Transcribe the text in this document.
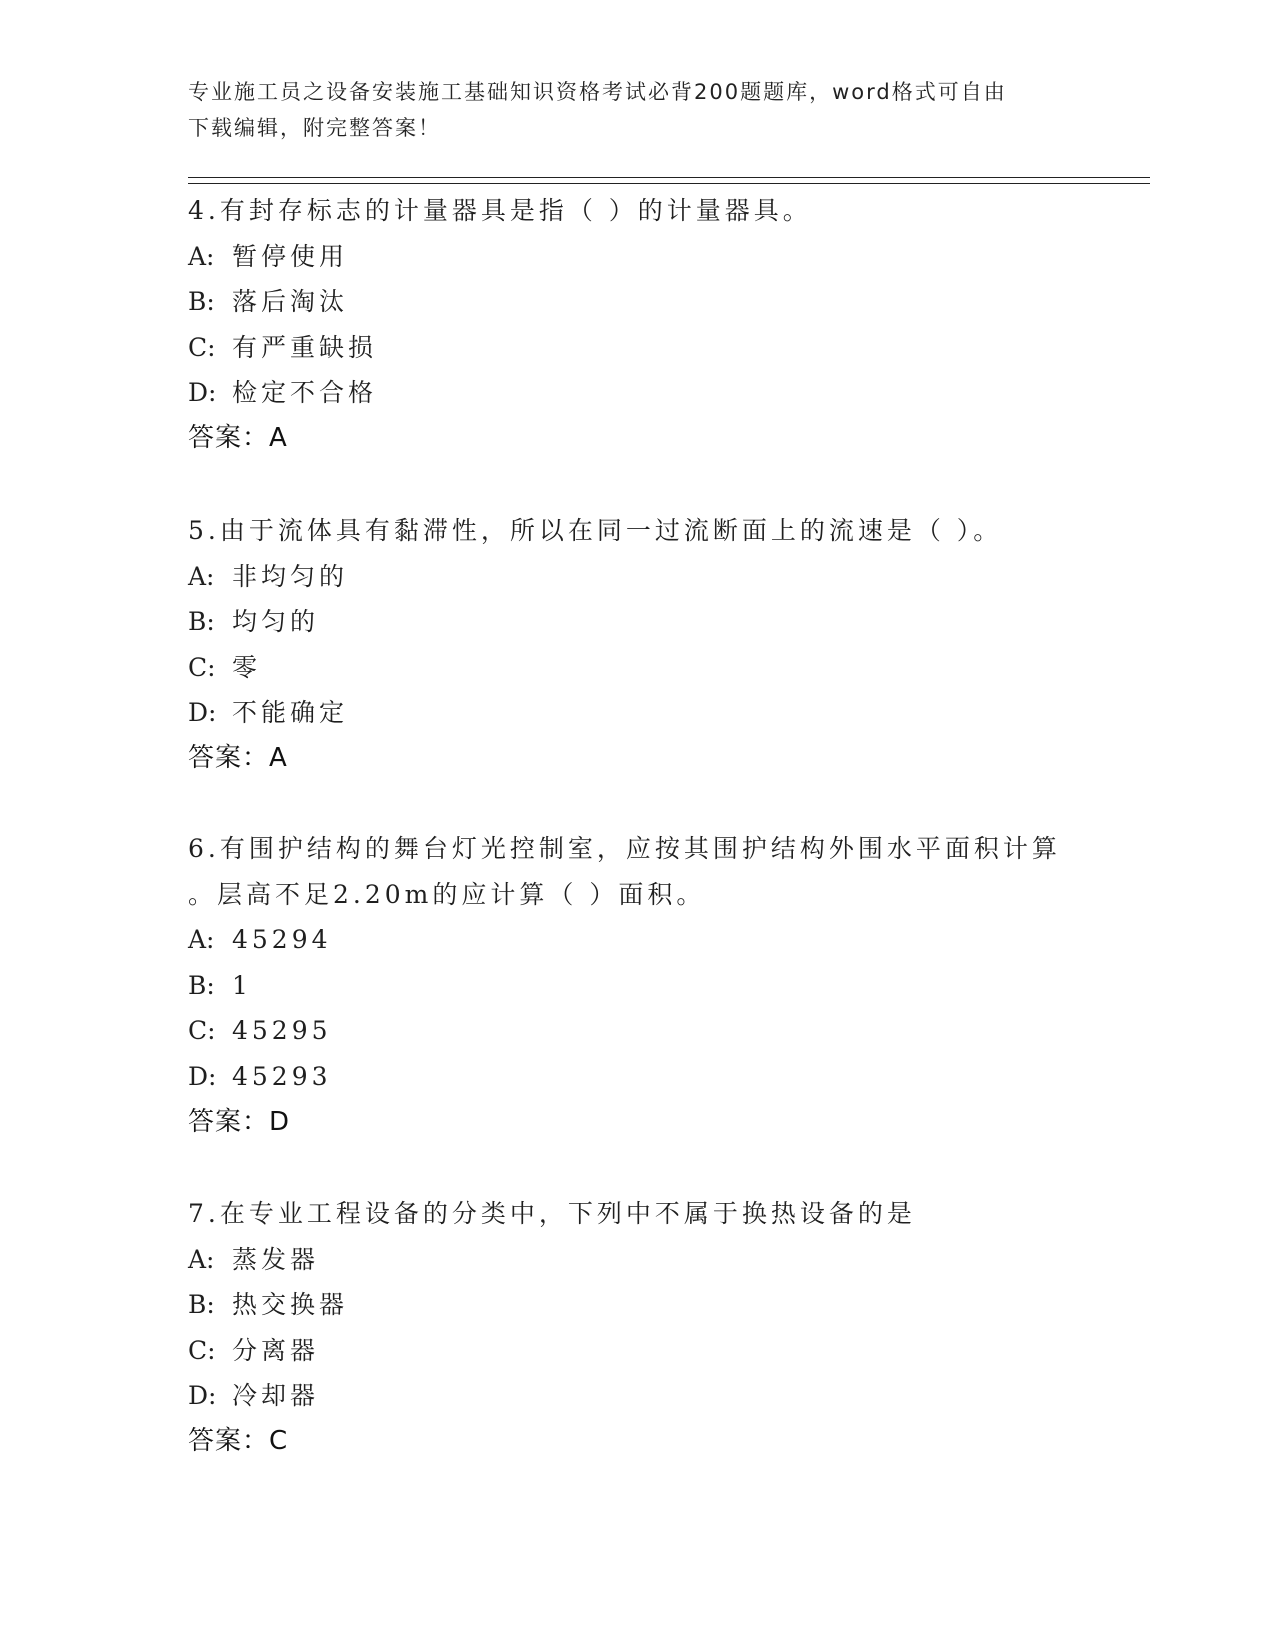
专业施工员之设备安装施工基础知识资格考试必背200题题库，word格式可自由
下载编辑，附完整答案！
4.有封存标志的计量器具是指（ ）的计量器具。
A: 暂停使用
B: 落后淘汰
C: 有严重缺损
D: 检定不合格
答案：A
5.由于流体具有黏滞性，所以在同一过流断面上的流速是（ ）。
A: 非均匀的
B: 均匀的
C: 零
D: 不能确定
答案：A
6.有围护结构的舞台灯光控制室，应按其围护结构外围水平面积计算
。层高不足2.20m的应计算（ ）面积。
A: 45294
B: 1
C: 45295
D: 45293
答案：D
7.在专业工程设备的分类中，下列中不属于换热设备的是
A: 蒸发器
B: 热交换器
C: 分离器
D: 冷却器
答案：C
